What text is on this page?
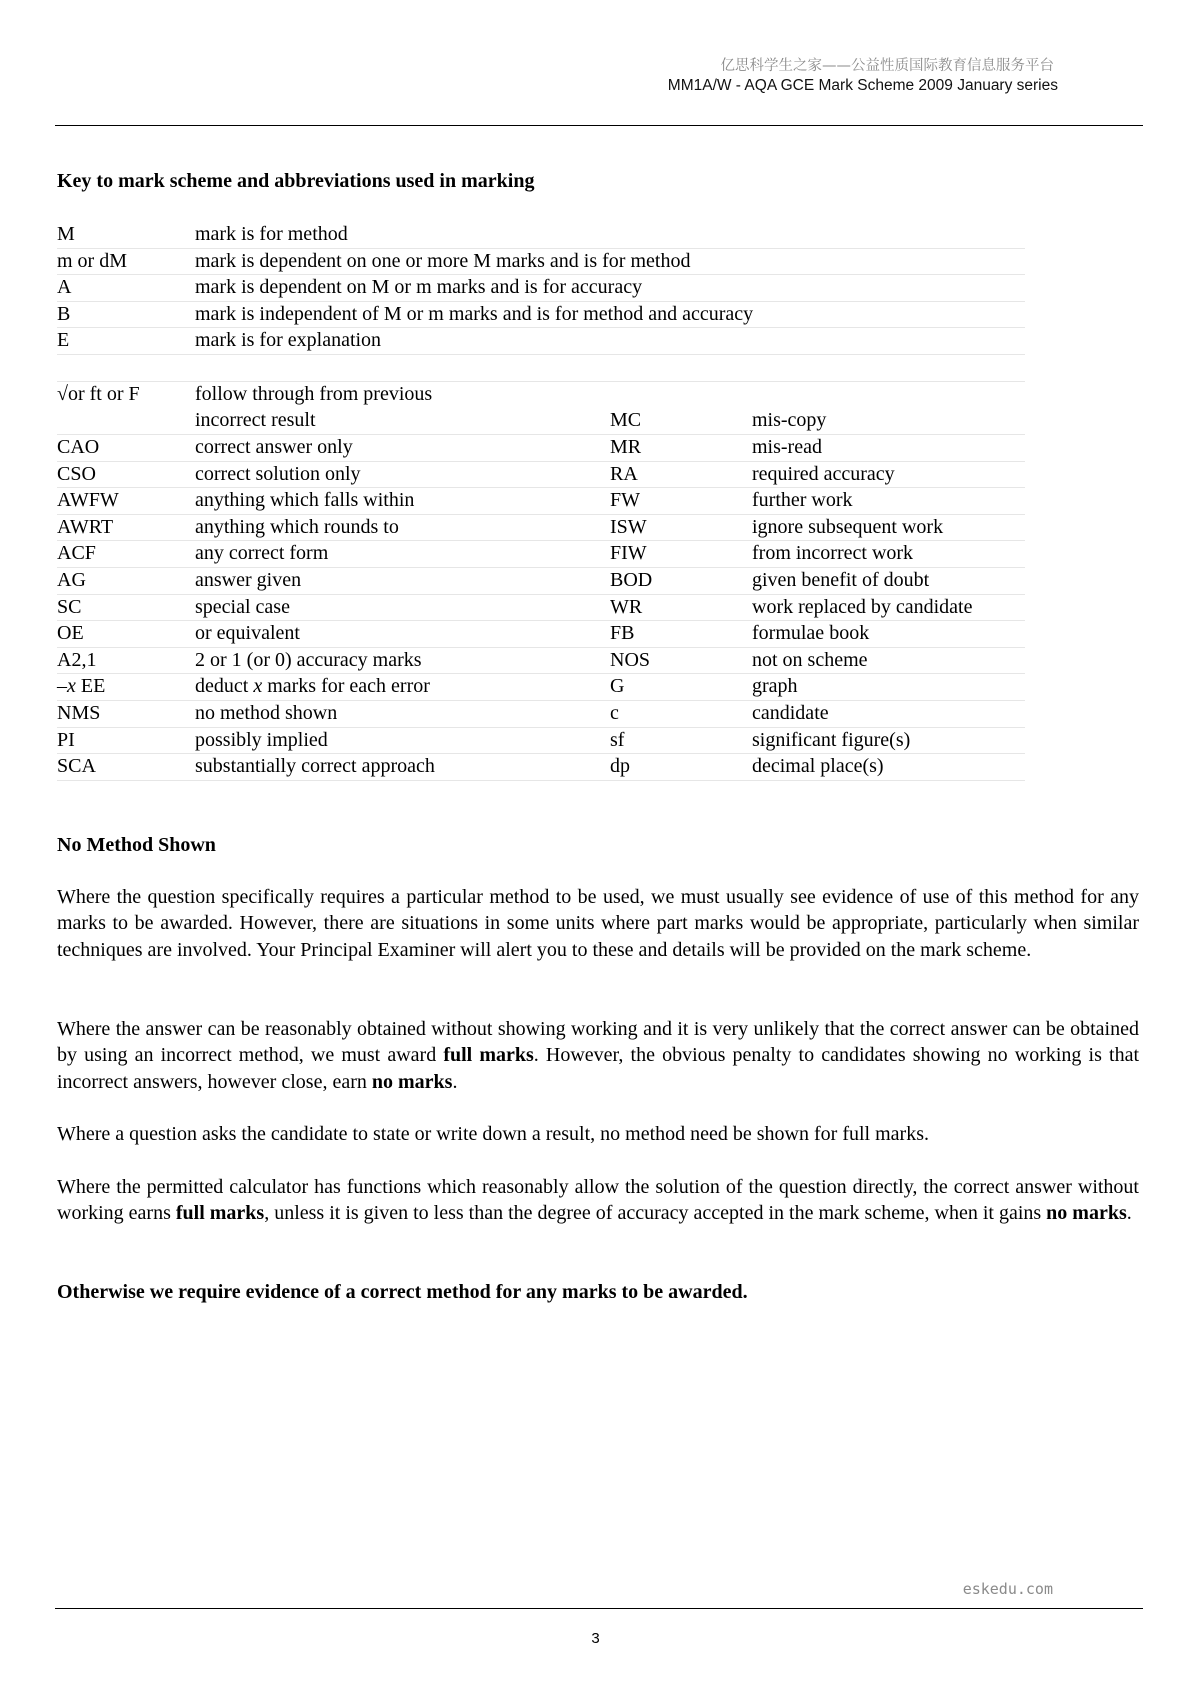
亿思科学生之家——公益性质国际教育信息服务平台
MM1A/W - AQA GCE Mark Scheme 2009 January series
Key to mark scheme and abbreviations used in marking
M	mark is for method
m or dM	mark is dependent on one or more M marks and is for method
A	mark is dependent on M or m marks and is for accuracy
B	mark is independent of M or m marks and is for method and accuracy
E	mark is for explanation
√or ft or F	follow through from previous
incorrect result	MC	mis-copy
CAO	correct answer only	MR	mis-read
CSO	correct solution only	RA	required accuracy
AWFW	anything which falls within	FW	further work
AWRT	anything which rounds to	ISW	ignore subsequent work
ACF	any correct form	FIW	from incorrect work
AG	answer given	BOD	given benefit of doubt
SC	special case	WR	work replaced by candidate
OE	or equivalent	FB	formulae book
A2,1	2 or 1 (or 0) accuracy marks	NOS	not on scheme
–x EE	deduct x marks for each error	G	graph
NMS	no method shown	c	candidate
PI	possibly implied	sf	significant figure(s)
SCA	substantially correct approach	dp	decimal place(s)
No Method Shown
Where the question specifically requires a particular method to be used, we must usually see evidence of use of this method for any marks to be awarded. However, there are situations in some units where part marks would be appropriate, particularly when similar techniques are involved. Your Principal Examiner will alert you to these and details will be provided on the mark scheme.
Where the answer can be reasonably obtained without showing working and it is very unlikely that the correct answer can be obtained by using an incorrect method, we must award full marks. However, the obvious penalty to candidates showing no working is that incorrect answers, however close, earn no marks.
Where a question asks the candidate to state or write down a result, no method need be shown for full marks.
Where the permitted calculator has functions which reasonably allow the solution of the question directly, the correct answer without working earns full marks, unless it is given to less than the degree of accuracy accepted in the mark scheme, when it gains no marks.
Otherwise we require evidence of a correct method for any marks to be awarded.
eskedu.com
3
